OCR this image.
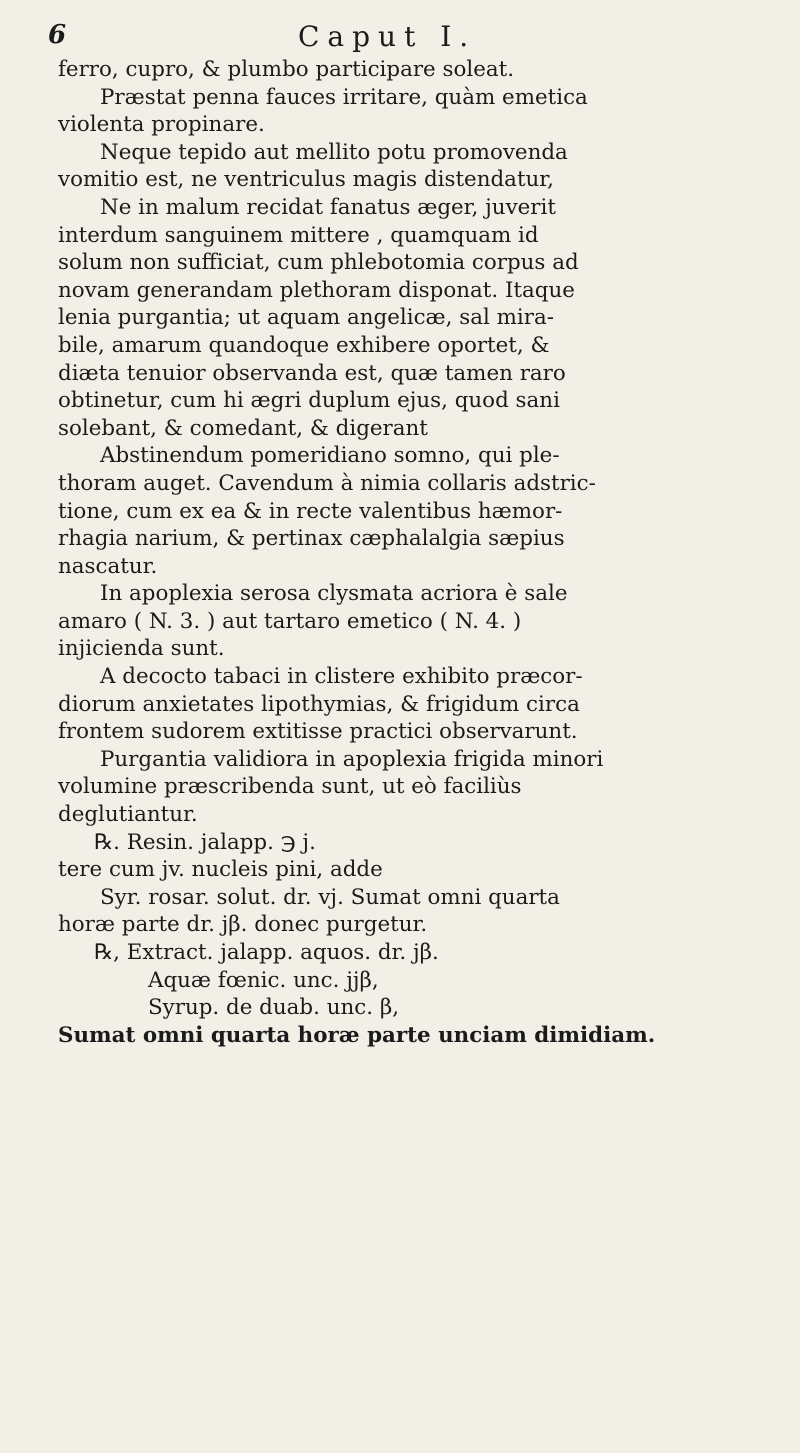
6	Caput I.
ferro, cupro, & plumbo participare soleat.
Præstat penna fauces irritare, quàm emetica
violenta propinare.
Neque tepido aut mellito potu promovenda
vomitio est, ne ventriculus magis distendatur,
Ne in malum recidat fanatus æger, juverit
interdum sanguinem mittere , quamquam id
solum non sufficiat, cum phlebotomia corpus ad
novam generandam plethoram disponat. Itaque
lenia purgantia; ut aquam angelicæ, sal mira-
bile, amarum quandoque exhibere oportet, &
diæta tenuior observanda est, quæ tamen raro
obtinetur, cum hi ægri duplum ejus, quod sani
solebant, & comedant, & digerant
Abstinendum pomeridiano somno, qui ple-
thoram auget. Cavendum à nimia collaris adstric-
tione, cum ex ea & in recte valentibus hæmor-
rhagia narium, & pertinax cæphalalgia sæpius
nascatur.
In apoplexia serosa clysmata acriora è sale
amaro ( N. 3. ) aut tartaro emetico ( N. 4. )
injicienda sunt.
A decocto tabaci in clistere exhibito præcor-
diorum anxietates lipothymias, & frigidum circa
frontem sudorem extitisse practici observarunt.
Purgantia validiora in apoplexia frigida minori
volumine præscribenda sunt, ut eò faciliùs
deglutiantur.
℞. Resin. jalapp. ℈ j.
tere cum jv. nucleis pini, adde
Syr. rosar. solut. dr. vj. Sumat omni quarta
horæ parte dr. jβ. donec purgetur.
℞, Extract. jalapp. aquos. dr. jβ.
Aquæ fœnic. unc. jjβ,
Syrup. de duab. unc. β,
Sumat omni quarta horæ parte unciam dimidiam.
